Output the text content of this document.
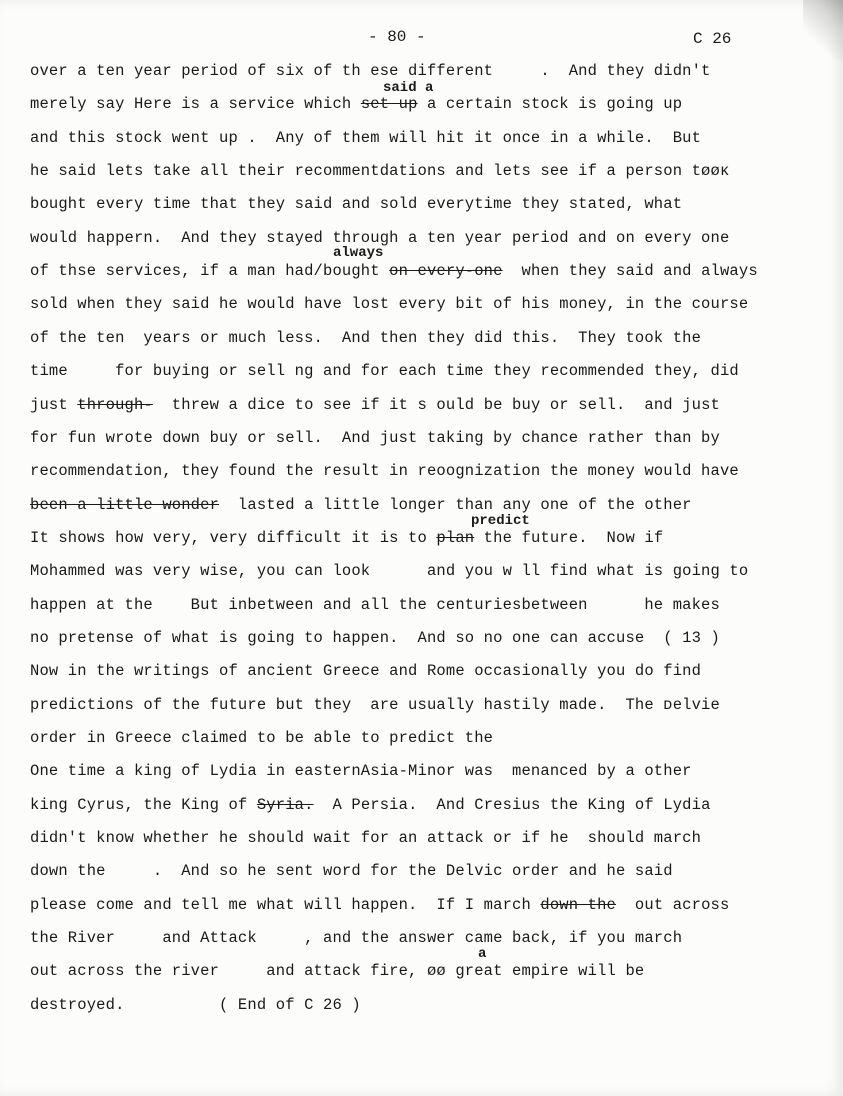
- 80 -	C 26
said a
always
predict
a
over a ten year period of six of th ese different     .  And they didn't
merely say Here is a service which set up a certain stock is going up
and this stock went up .  Any of them will hit it once in a while.  But
he said lets take all their recommentdations and lets see if a person tøøĸ
bought every time that they said and sold everytime they stated, what
would happern.  And they stayed through a ten year period and on every one
of thse services, if a man had/bought on every-one  when they said and always
sold when they said he would have lost every bit of his money, in the course
of the ten  years or much less.  And then they did this.  They took the
time     for buying or sell ng and for each time they recommended they, did
just through-  threw a dice to see if it s ould be buy or sell.  and just
for fun wrote down buy or sell.  And just taking by chance rather than by
recommendation, they found the result in reoognization the money would have
been a little wonder  lasted a little longer than any one of the other
It shows how very, very difficult it is to plan the future.  Now if
Mohammed was very wise, you can look      and you w ll find what is going to
happen at the    But inbetween and all the centuriesbetween      he makes
no pretense of what is going to happen.  And so no one can accuse  ( 13 )
Now in the writings of ancient Greece and Rome occasionally you do find
predictions of the future but they  are usually hastily made.  The ᴅelvie
order in Greece claimed to be able to predict the
One time a king of Lydia in easternAsia-Minor was  menanced by a other
king Cyrus, the King of Syria.  A Persia.  And Cresius the King of Lydia
didn't know whether he should wait for an attack or if he  should march
down the     .  And so he sent word for the Delvic order and he said
please come and tell me what will happen.  If I march down the  out across
the River     and Attack     , and the answer came back, if you march
out across the river     and attack fire, øø great empire will be
destroyed.          ( End of C 26 )
